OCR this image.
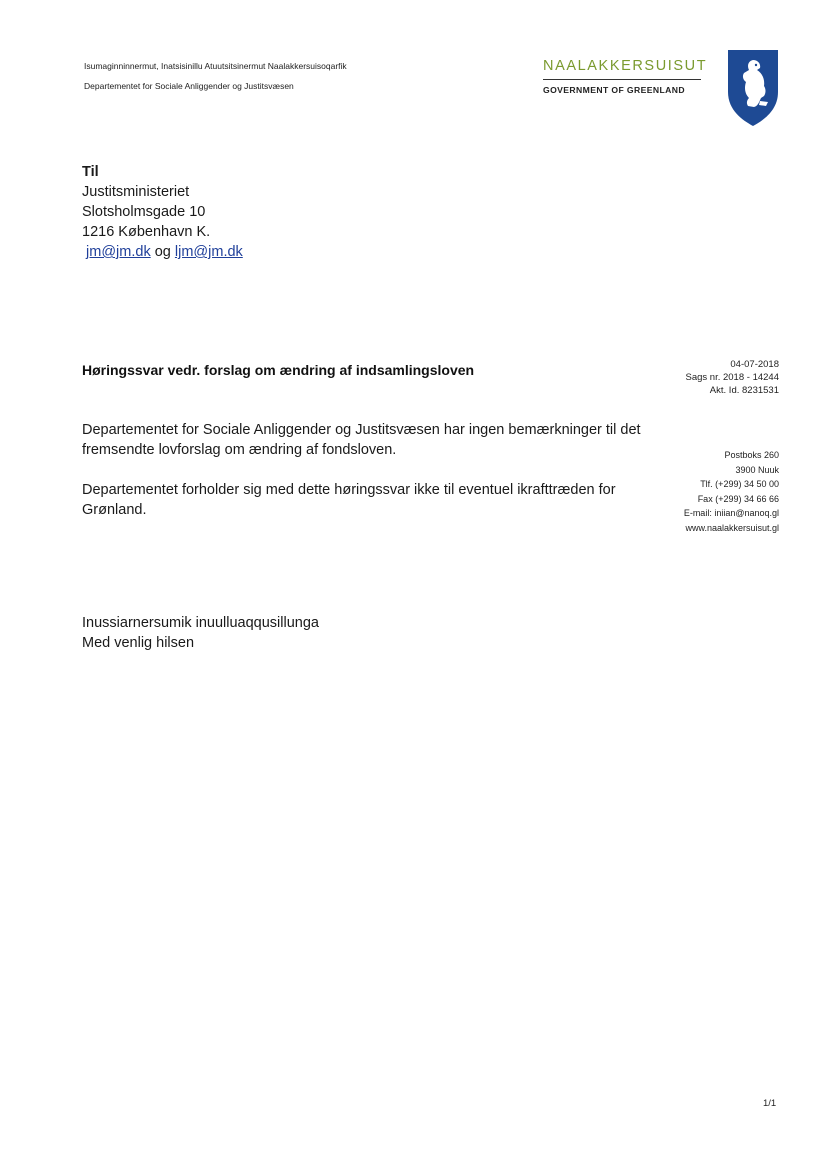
Isumaginninnermut, Inatsisinillu Atuutsitsinermut Naalakkersuisoqarfik
Departementet for Sociale Anliggender og Justitsvæsen
NAALAKKERSUISUT
GOVERNMENT OF GREENLAND
Til
Justitsministeriet
Slotsholmsgade 10
1216 København K.
jm@jm.dk og ljm@jm.dk
Høringssvar vedr. forslag om ændring af indsamlingsloven	04-07-2018
Sags nr. 2018 - 14244
Akt. Id. 8231531
Departementet for Sociale Anliggender og Justitsvæsen har ingen bemærkninger til det
fremsendte lovforslag om ændring af fondsloven.
Departementet forholder sig med dette høringssvar ikke til eventuel ikrafttræden for
Grønland.
Postboks 260
3900 Nuuk
Tlf. (+299) 34 50 00
Fax (+299) 34 66 66
E-mail: iniian@nanoq.gl
www.naalakkersuisut.gl
Inussiarnersumik inuulluaqqusillunga
Med venlig hilsen
1/1
